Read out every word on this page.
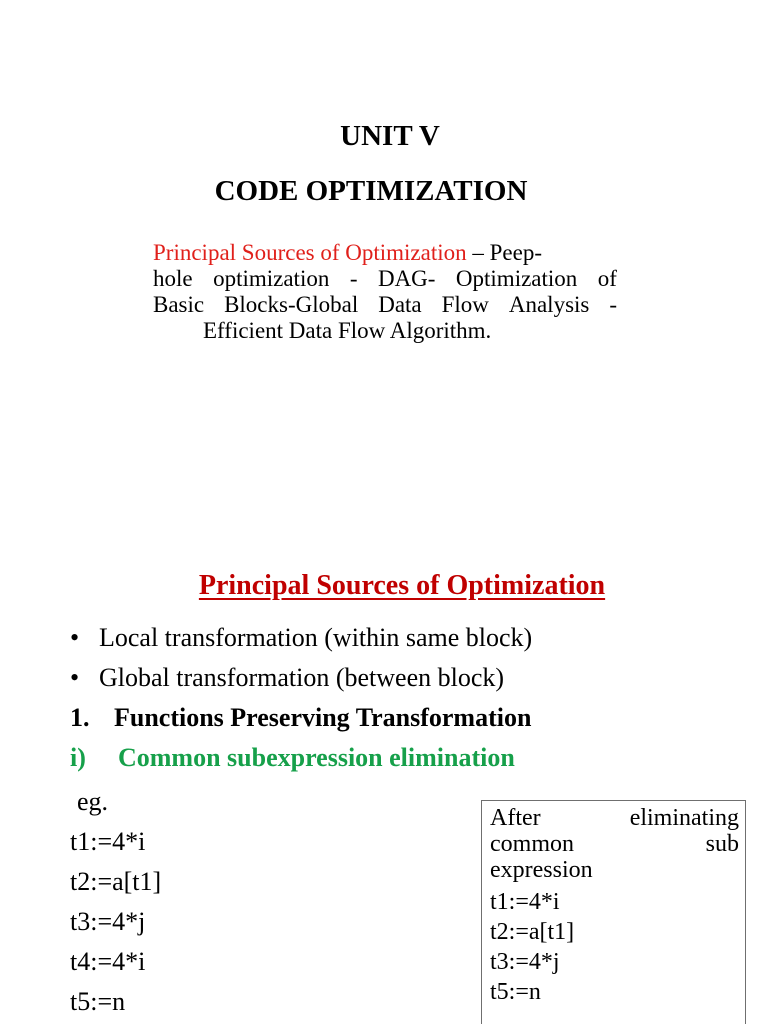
UNIT V
CODE OPTIMIZATION
Principal Sources of Optimization – Peep-
hole optimization - DAG- Optimization of
Basic Blocks-Global Data Flow Analysis -
Efficient Data Flow Algorithm.
Principal Sources of Optimization
• Local transformation (within same block)
• Global transformation (between block)
1. Functions Preserving Transformation
i) Common subexpression elimination
eg.
t1:=4*i
t2:=a[t1]
t3:=4*j
t4:=4*i
t5:=n
After	eliminating
common	sub
expression
t1:=4*i
t2:=a[t1]
t3:=4*j
t5:=n
